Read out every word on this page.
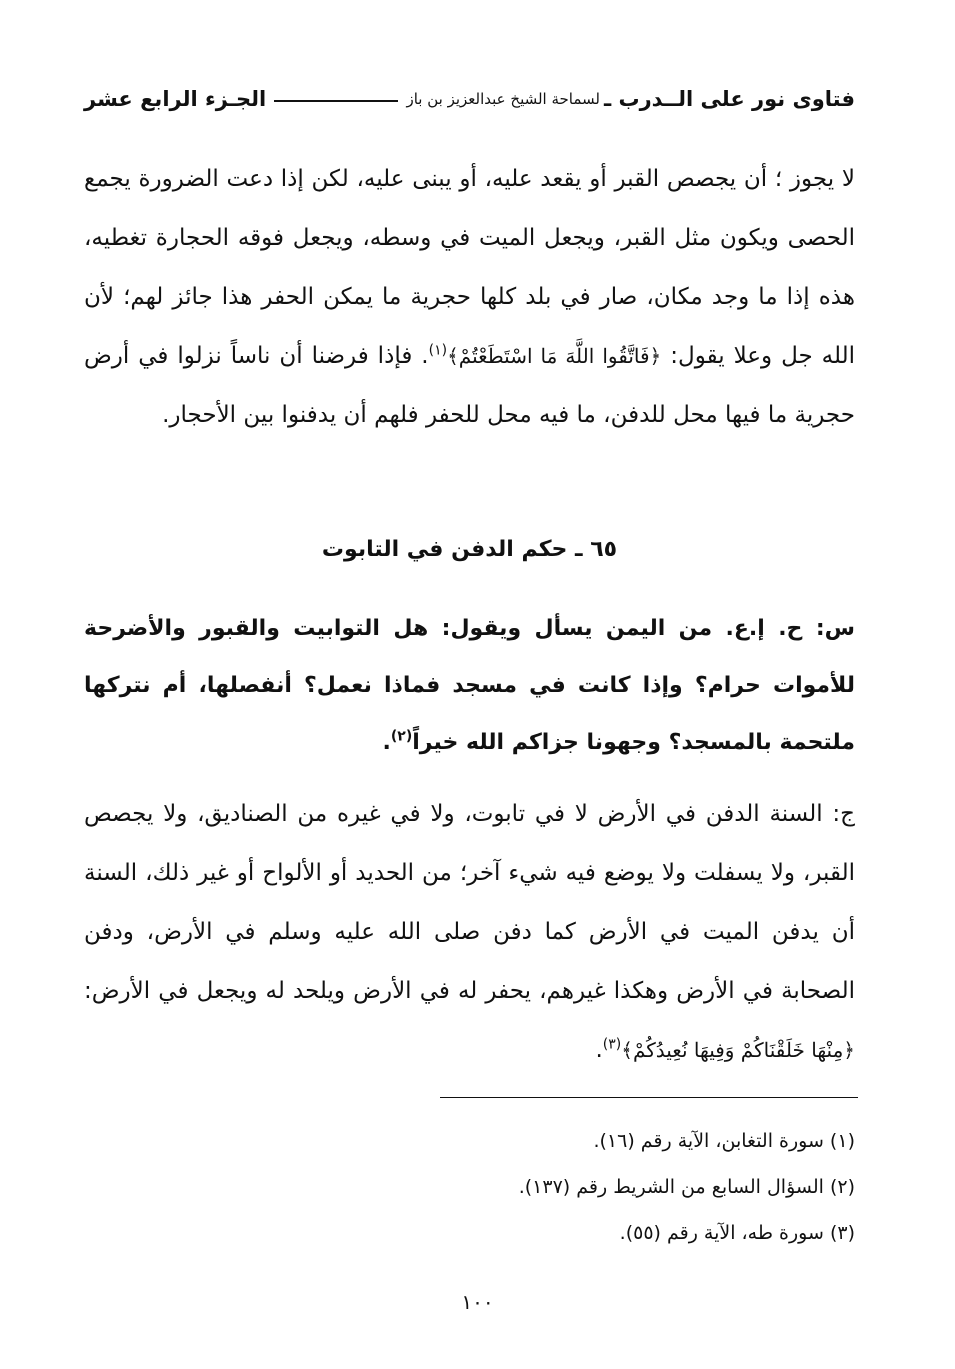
فتاوى نور على الــدرب ـ
لسماحة الشيخ عبدالعزيز بن باز
الجـزء الرابع عشر
لا يجوز ؛ أن يجصص القبر أو يقعد عليه، أو يبنى عليه، لكن إذا دعت الضرورة يجمع الحصى ويكون مثل القبر، ويجعل الميت في وسطه، ويجعل فوقه الحجارة تغطيه، هذه إذا ما وجد مكان، صار في بلد كلها حجرية ما يمكن الحفر هذا جائز لهم؛ لأن الله جل وعلا يقول: ﴿فَاتَّقُوا اللَّهَ مَا اسْتَطَعْتُمْ﴾$^{(١)}$. فإذا فرضنا أن ناساً نزلوا في أرض حجرية ما فيها محل للدفن، ما فيه محل للحفر فلهم أن يدفنوا بين الأحجار.
٦٥ ـ حكم الدفن في التابوت
س: ح. إ.ع. من اليمن يسأل ويقول: هل التوابيت والقبور والأضرحة للأموات حرام؟ وإذا كانت في مسجد فماذا نعمل؟ أنفصلها، أم نتركها ملتحمة بالمسجد؟ وجهونا جزاكم الله خيراً$^{(٢)}$.
ج: السنة الدفن في الأرض لا في تابوت، ولا في غيره من الصناديق، ولا يجصص القبر، ولا يسفلت ولا يوضع فيه شيء آخر؛ من الحديد أو الألواح أو غير ذلك، السنة أن يدفن الميت في الأرض كما دفن صلى الله عليه وسلم في الأرض، ودفن الصحابة في الأرض وهكذا غيرهم، يحفر له في الأرض ويلحد له ويجعل في الأرض: ﴿مِنْهَا خَلَقْنَاكُمْ وَفِيهَا نُعِيدُكُمْ﴾$^{(٣)}$.
(١) سورة التغابن، الآية رقم (١٦).
(٢) السؤال السابع من الشريط رقم (١٣٧).
(٣) سورة طه، الآية رقم (٥٥).
١٠٠
